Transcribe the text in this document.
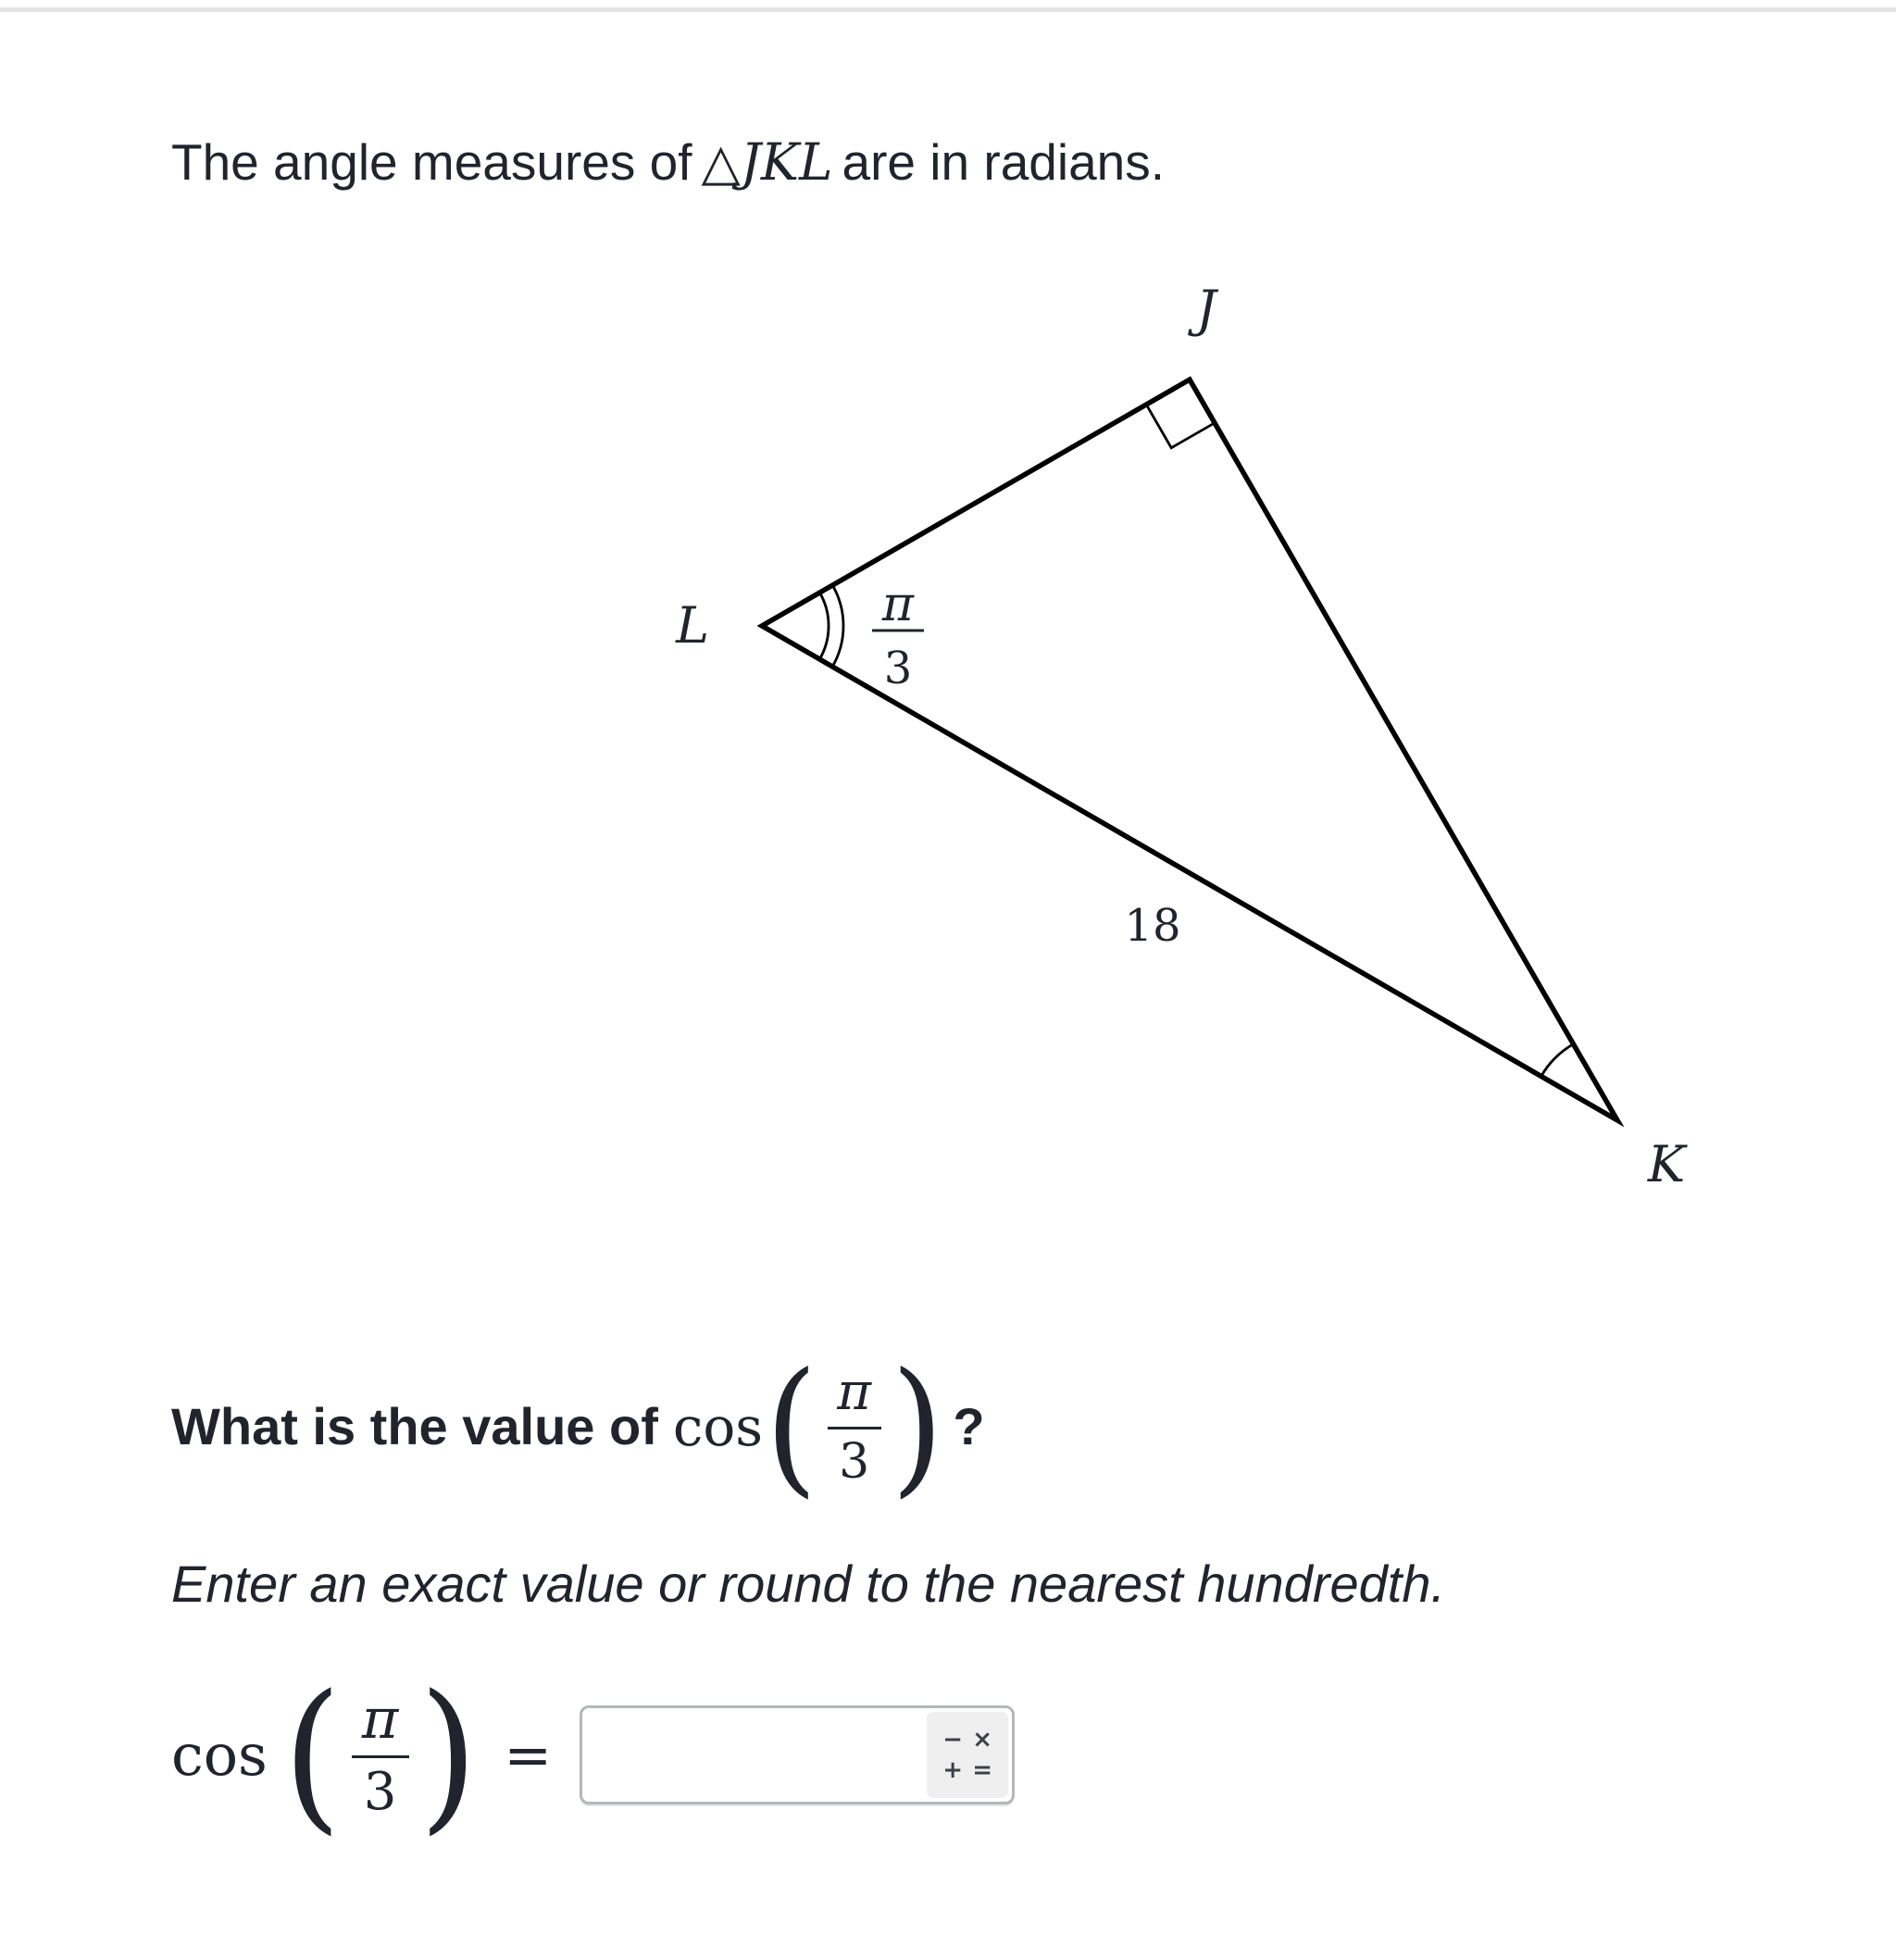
The angle measures of △JKL are in radians.

J
L
K
18
π
3
What is the value of cos ( $\frac{\pi}{3}$ ) ?

Enter an exact value or round to the nearest hundredth.

cos ( $\frac{\pi}{3}$ ) =	− ×
+ =
